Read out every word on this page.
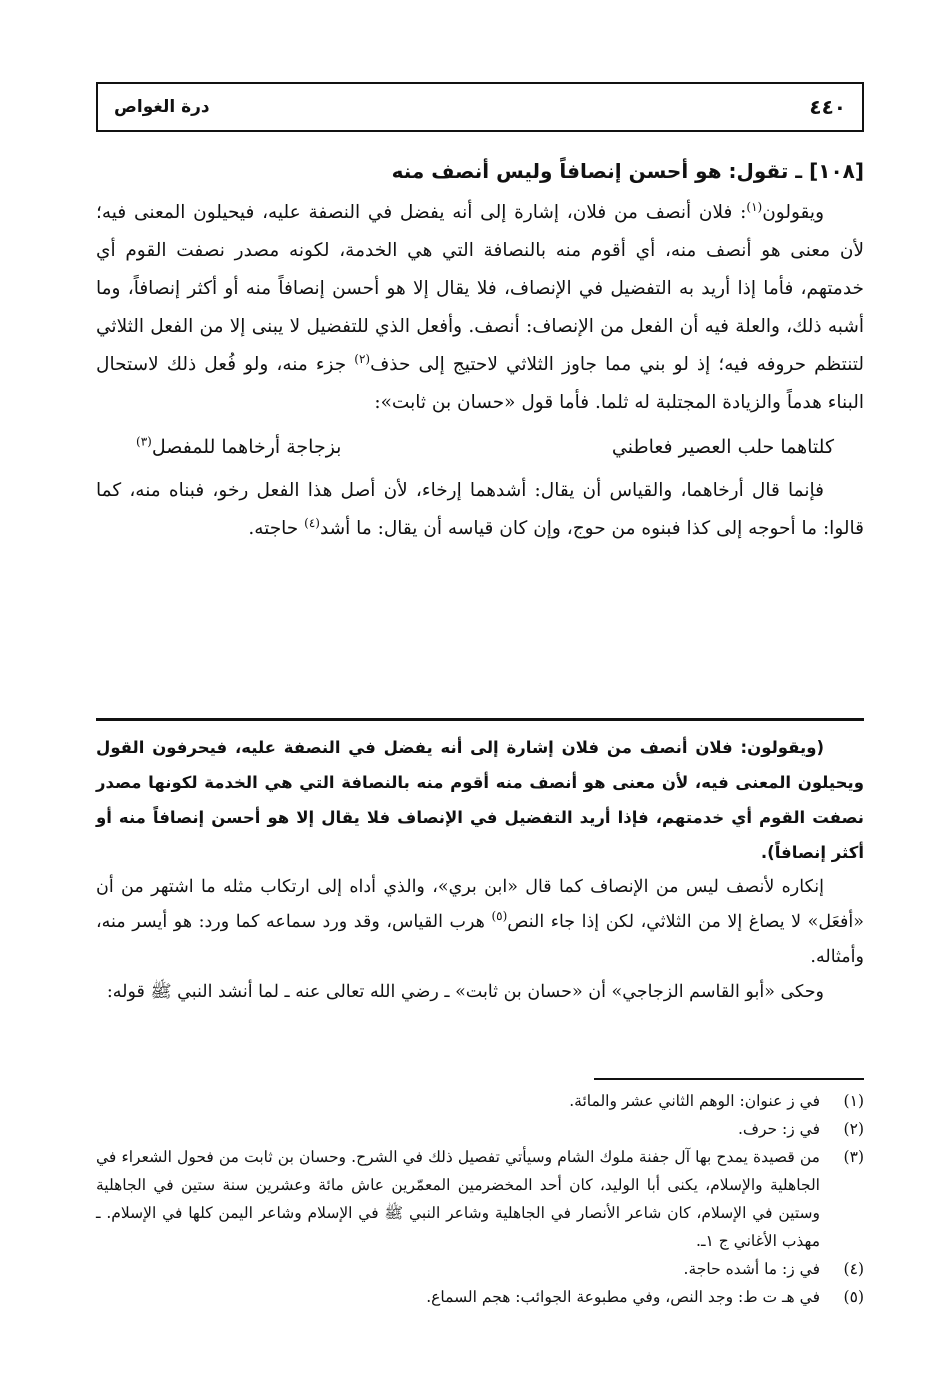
٤٤٠
درة الغواص
[١٠٨] ـ تقول: هو أحسن إنصافاً وليس أنصف منه

ويقولون$^{(١)}$: فلان أنصف من فلان، إشارة إلى أنه يفضل في النصفة عليه، فيحيلون المعنى فيه؛ لأن معنى هو أنصف منه، أي أقوم منه بالنصافة التي هي الخدمة، لكونه مصدر نصفت القوم أي خدمتهم، فأما إذا أريد به التفضيل في الإنصاف، فلا يقال إلا هو أحسن إنصافاً منه أو أكثر إنصافاً، وما أشبه ذلك، والعلة فيه أن الفعل من الإنصاف: أنصف. وأفعل الذي للتفضيل لا يبنى إلا من الفعل الثلاثي لتنتظم حروفه فيه؛ إذ لو بني مما جاوز الثلاثي لاحتيج إلى حذف$^{(٢)}$ جزء منه، ولو فُعل ذلك لاستحال البناء هدماً والزيادة المجتلبة له ثلما. فأما قول «حسان بن ثابت»:

كلتاهما حلب العصير فعاطني
بزجاجة أرخاهما للمفصل$^{(٣)}$

فإنما قال أرخاهما، والقياس أن يقال: أشدهما إرخاء، لأن أصل هذا الفعل رخو، فبناه منه، كما قالوا: ما أحوجه إلى كذا فبنوه من حوج، وإن كان قياسه أن يقال: ما أشد$^{(٤)}$ حاجته.

(ويقولون: فلان أنصف من فلان إشارة إلى أنه يفضل في النصفة عليه، فيحرفون القول ويحيلون المعنى فيه، لأن معنى هو أنصف منه أقوم منه بالنصافة التي هي الخدمة لكونها مصدر نصفت القوم أي خدمتهم، فإذا أريد التفضيل في الإنصاف فلا يقال إلا هو أحسن إنصافاً منه أو أكثر إنصافاً).

إنكاره لأنصف ليس من الإنصاف كما قال «ابن بري»، والذي أداه إلى ارتكاب مثله ما اشتهر من أن «أفعَل» لا يصاغ إلا من الثلاثي، لكن إذا جاء النص$^{(٥)}$ هرب القياس، وقد ورد سماعه كما ورد: هو أيسر منه، وأمثاله.

وحكى «أبو القاسم الزجاجي» أن «حسان بن ثابت» ـ رضي الله تعالى عنه ـ لما أنشد النبي ﷺ قوله:

(١)
في ز عنوان: الوهم الثاني عشر والمائة.
(٢)
في ز: حرف.
(٣)
من قصيدة يمدح بها آل جفنة ملوك الشام وسيأتي تفصيل ذلك في الشرح. وحسان بن ثابت من فحول الشعراء في الجاهلية والإسلام، يكنى أبا الوليد، كان أحد المخضرمين المعمّرين عاش مائة وعشرين سنة ستين في الجاهلية وستين في الإسلام، كان شاعر الأنصار في الجاهلية وشاعر النبي ﷺ في الإسلام وشاعر اليمن كلها في الإسلام. ـ مهذب الأغاني ج ١ـ.
(٤)
في ز: ما أشده حاجة.
(٥)
في هـ ت ط: وجد النص، وفي مطبوعة الجوائب: هجم السماع.
